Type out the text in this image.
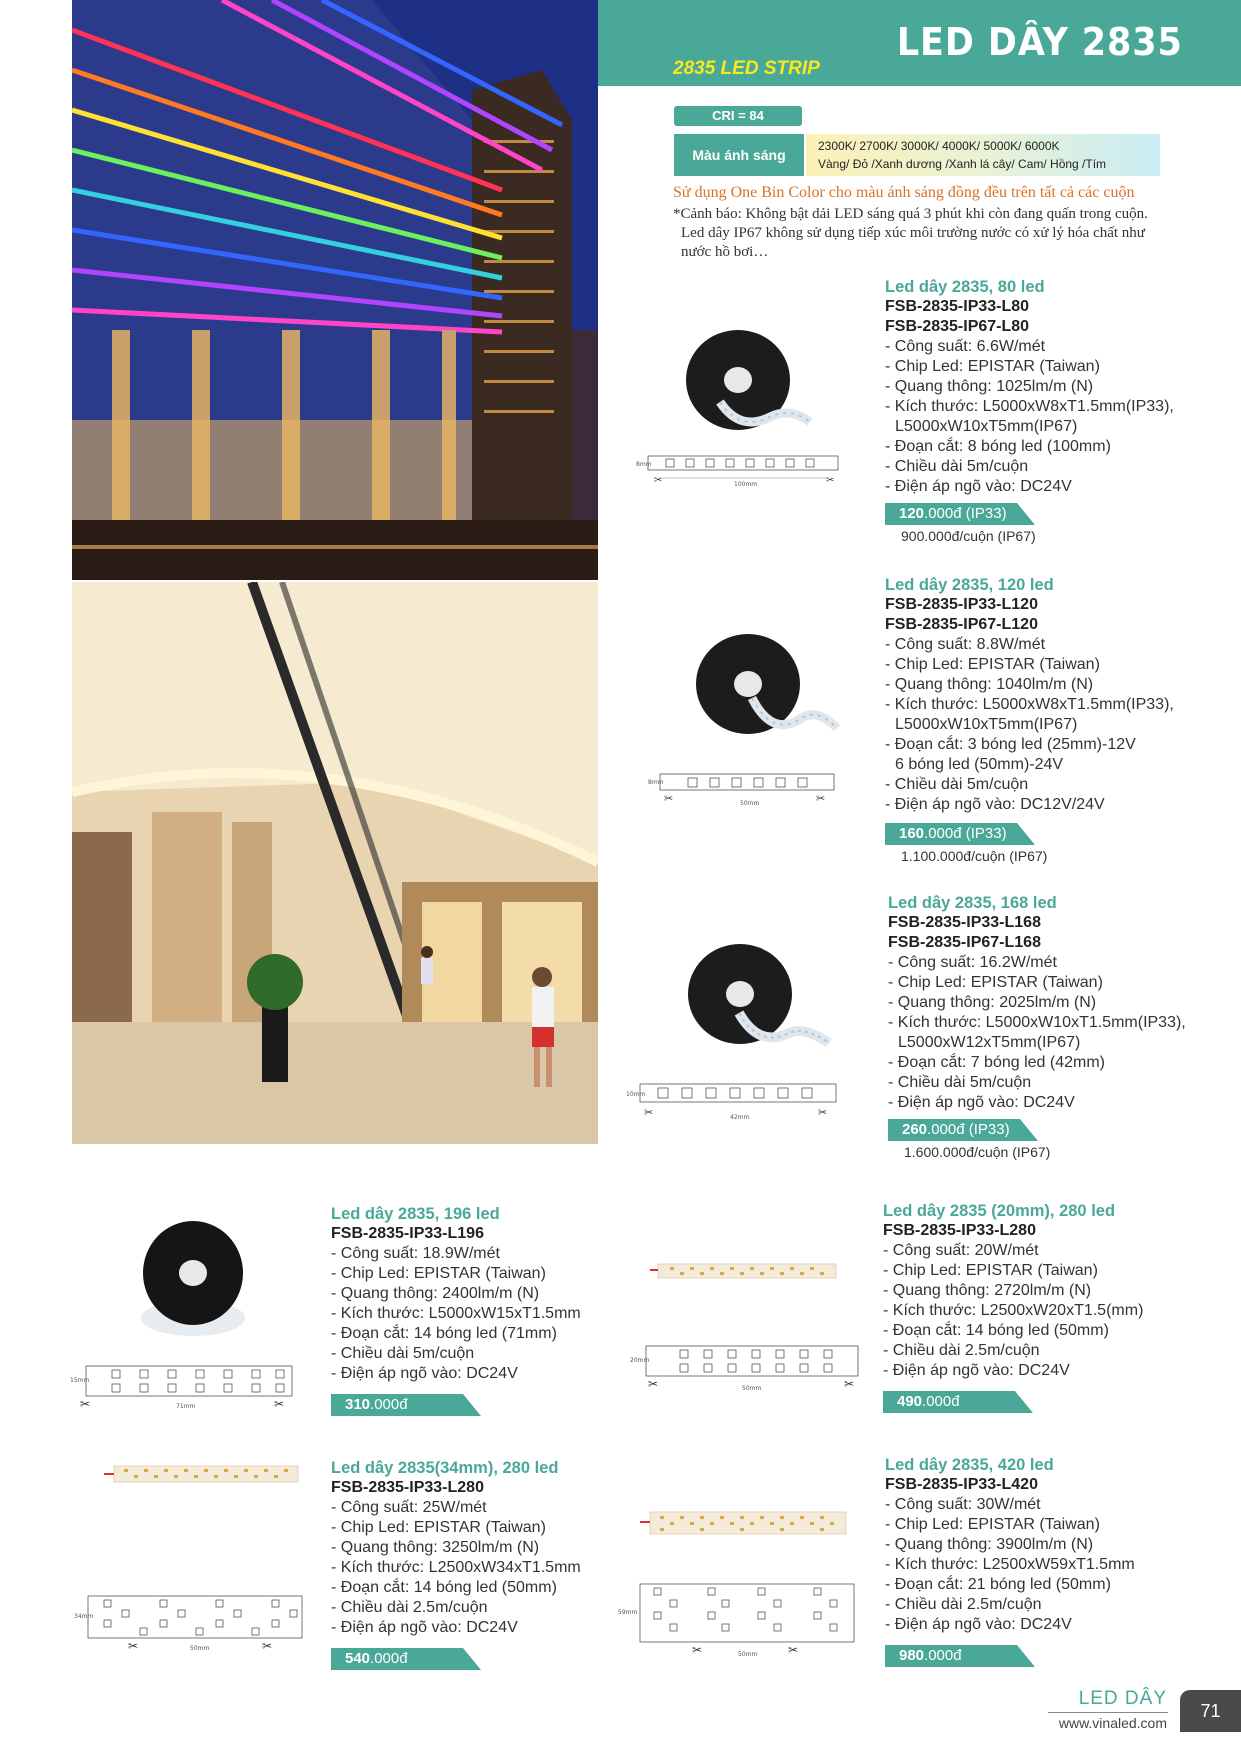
LED DÂY 2835
2835 LED STRIP
CRI = 84
Màu ánh sáng
2300K/ 2700K/ 3000K/ 4000K/ 5000K/ 6000K
Vàng/ Đỏ /Xanh dương /Xanh lá cây/ Cam/ Hồng /Tím
Sử dụng One Bin Color cho màu ánh sáng đồng đều trên tất cả các cuộn
*Cảnh báo: Không bật dải LED sáng quá 3 phút khi còn đang quấn trong cuộn.
Led dây IP67 không sử dụng tiếp xúc môi trường nước có xử lý hóa chất như
nước hồ bơi…
✂	✂
8mm
100mm
✂	✂
8mm
50mm
✂	✂
10mm
42mm
✂	✂
15mm
71mm
✂	✂
20mm
50mm
✂	✂
34mm
50mm	✂	✂
59mm
50mm
Led dây 2835, 80 led
FSB-2835-IP33-L80
FSB-2835-IP67-L80
- Công suất: 6.6W/mét
- Chip Led: EPISTAR (Taiwan)
- Quang thông: 1025lm/m (N)
- Kích thước: L5000xW8xT1.5mm(IP33),
L5000xW10xT5mm(IP67)
- Đoạn cắt: 8 bóng led (100mm)
- Chiều dài 5m/cuộn
- Điện áp ngõ vào: DC24V
120.000đ (IP33)
900.000đ/cuộn (IP67)
Led dây 2835, 120 led
FSB-2835-IP33-L120
FSB-2835-IP67-L120
- Công suất: 8.8W/mét
- Chip Led: EPISTAR (Taiwan)
- Quang thông: 1040lm/m (N)
- Kích thước: L5000xW8xT1.5mm(IP33),
L5000xW10xT5mm(IP67)
- Đoạn cắt: 3 bóng led (25mm)-12V
6 bóng led (50mm)-24V
- Chiều dài 5m/cuộn
- Điện áp ngõ vào: DC12V/24V
160.000đ (IP33)
1.100.000đ/cuộn (IP67)
Led dây 2835, 168 led
FSB-2835-IP33-L168
FSB-2835-IP67-L168
- Công suất: 16.2W/mét
- Chip Led: EPISTAR (Taiwan)
- Quang thông: 2025lm/m (N)
- Kích thước: L5000xW10xT1.5mm(IP33),
L5000xW12xT5mm(IP67)
- Đoạn cắt: 7 bóng led (42mm)
- Chiều dài 5m/cuộn
- Điện áp ngõ vào: DC24V
260.000đ (IP33)
1.600.000đ/cuộn (IP67)
Led dây 2835, 196 led
FSB-2835-IP33-L196
- Công suất: 18.9W/mét
- Chip Led: EPISTAR (Taiwan)
- Quang thông: 2400lm/m (N)
- Kích thước: L5000xW15xT1.5mm
- Đoạn cắt: 14 bóng led (71mm)
- Chiều dài 5m/cuộn
- Điện áp ngõ vào: DC24V
310.000đ
Led dây 2835 (20mm), 280 led
FSB-2835-IP33-L280
- Công suất: 20W/mét
- Chip Led: EPISTAR (Taiwan)
- Quang thông: 2720lm/m (N)
- Kích thước: L2500xW20xT1.5(mm)
- Đoạn cắt: 14 bóng led (50mm)
- Chiều dài 2.5m/cuộn
- Điện áp ngõ vào: DC24V
490.000đ
Led dây 2835(34mm), 280 led
FSB-2835-IP33-L280
- Công suất: 25W/mét
- Chip Led: EPISTAR (Taiwan)
- Quang thông: 3250lm/m (N)
- Kích thước: L2500xW34xT1.5mm
- Đoạn cắt: 14 bóng led (50mm)
- Chiều dài 2.5m/cuộn
- Điện áp ngõ vào: DC24V
540.000đ
Led dây 2835, 420 led
FSB-2835-IP33-L420
- Công suất: 30W/mét
- Chip Led: EPISTAR (Taiwan)
- Quang thông: 3900lm/m (N)
- Kích thước: L2500xW59xT1.5mm
- Đoạn cắt: 21 bóng led (50mm)
- Chiều dài 2.5m/cuộn
- Điện áp ngõ vào: DC24V
980.000đ
LED DÂY
www.vinaled.com
71
